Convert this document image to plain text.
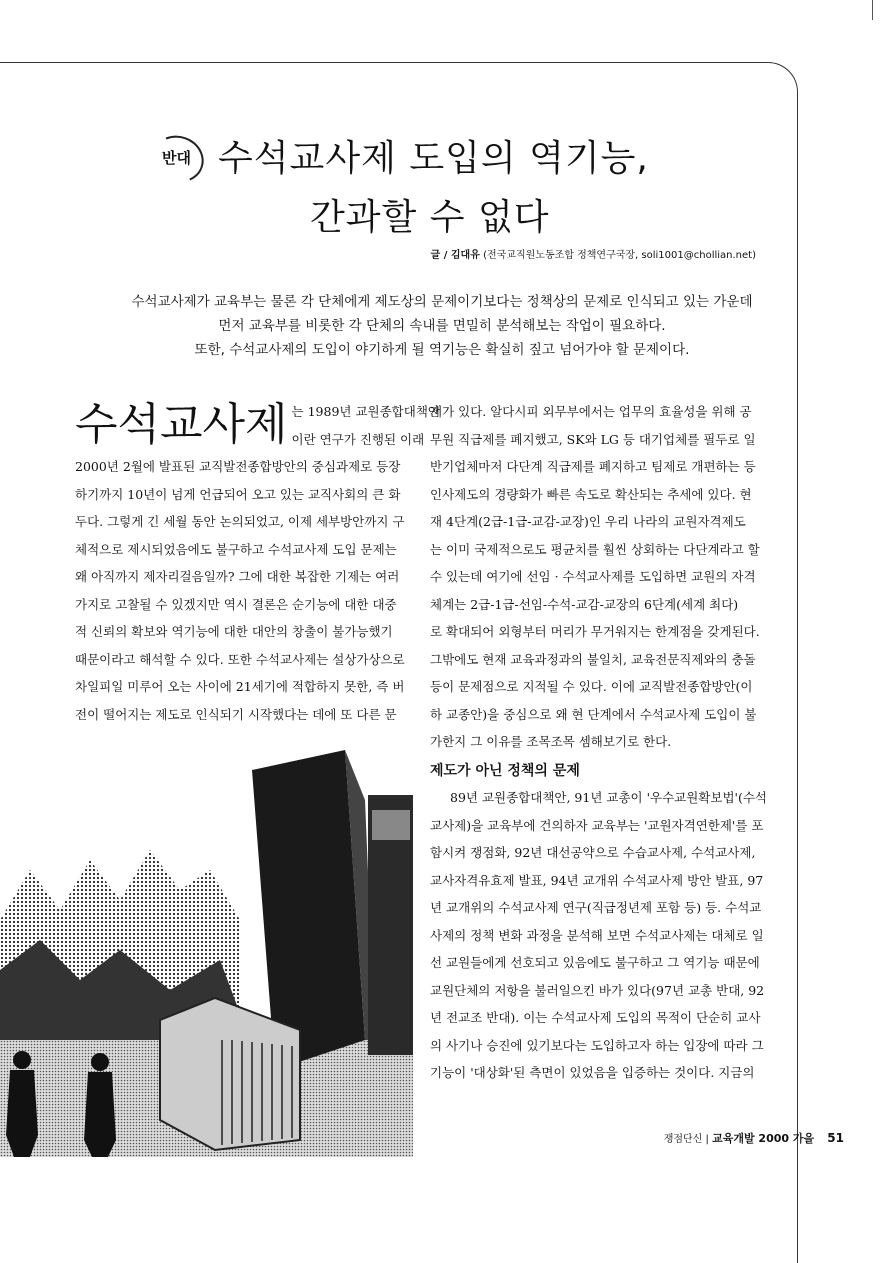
반대 수석교사제 도입의 역기능,
간과할 수 없다
글 / 김대유 (전국교직원노동조합 정책연구국장, soli1001@chollian.net)
수석교사제가 교육부는 물론 각 단체에게 제도상의 문제이기보다는 정책상의 문제로 인식되고 있는 가운데
먼저 교육부를 비롯한 각 단체의 속내를 면밀히 분석해보는 작업이 필요하다.
또한, 수석교사제의 도입이 야기하게 될 역기능은 확실히 짚고 넘어가야 할 문제이다.
수석교사제 는 1989년 교원종합대책안
이란 연구가 진행된 이래
2000년 2월에 발표된 교직발전종합방안의 중심과제로 등장
하기까지 10년이 넘게 언급되어 오고 있는 교직사회의 큰 화
두다. 그렇게 긴 세월 동안 논의되었고, 이제 세부방안까지 구
체적으로 제시되었음에도 불구하고 수석교사제 도입 문제는
왜 아직까지 제자리걸음일까? 그에 대한 복잡한 기제는 여러
가지로 고찰될 수 있겠지만 역시 결론은 순기능에 대한 대중
적 신뢰의 확보와 역기능에 대한 대안의 창출이 불가능했기
때문이라고 해석할 수 있다. 또한 수석교사제는 설상가상으로
차일피일 미루어 오는 사이에 21세기에 적합하지 못한, 즉 버
전이 떨어지는 제도로 인식되기 시작했다는 데에 또 다른 문
제가 있다. 알다시피 외무부에서는 업무의 효율성을 위해 공
무원 직급제를 폐지했고, SK와 LG 등 대기업체를 필두로 일
반기업체마저 다단계 직급제를 폐지하고 팀제로 개편하는 등
인사제도의 경량화가 빠른 속도로 확산되는 추세에 있다. 현
재 4단계(2급-1급-교감-교장)인 우리 나라의 교원자격제도
는 이미 국제적으로도 평균치를 훨씬 상회하는 다단계라고 할
수 있는데 여기에 선임 · 수석교사제를 도입하면 교원의 자격
체계는 2급-1급-선임-수석-교감-교장의 6단계(세계 최다)
로 확대되어 외형부터 머리가 무거워지는 한계점을 갖게된다.
그밖에도 현재 교육과정과의 불일치, 교육전문직제와의 충돌
등이 문제점으로 지적될 수 있다. 이에 교직발전종합방안(이
하 교종안)을 중심으로 왜 현 단계에서 수석교사제 도입이 불
가한지 그 이유를 조목조목 셈해보기로 한다.
제도가 아닌 정책의 문제
89년 교원종합대책안, 91년 교총이 '우수교원확보법'(수석
교사제)을 교육부에 건의하자 교육부는 '교원자격연한제'를 포
함시켜 쟁점화, 92년 대선공약으로 수습교사제, 수석교사제,
교사자격유효제 발표, 94년 교개위 수석교사제 방안 발표, 97
년 교개위의 수석교사제 연구(직급정년제 포함 등) 등. 수석교
사제의 정책 변화 과정을 분석해 보면 수석교사제는 대체로 일
선 교원들에게 선호되고 있음에도 불구하고 그 역기능 때문에
교원단체의 저항을 불러일으킨 바가 있다(97년 교총 반대, 92
년 전교조 반대). 이는 수석교사제 도입의 목적이 단순히 교사
의 사기나 승진에 있기보다는 도입하고자 하는 입장에 따라 그
기능이 '대상화'된 측면이 있었음을 입증하는 것이다. 지금의
쟁점단신 | 교육개발 2000 가을 51
